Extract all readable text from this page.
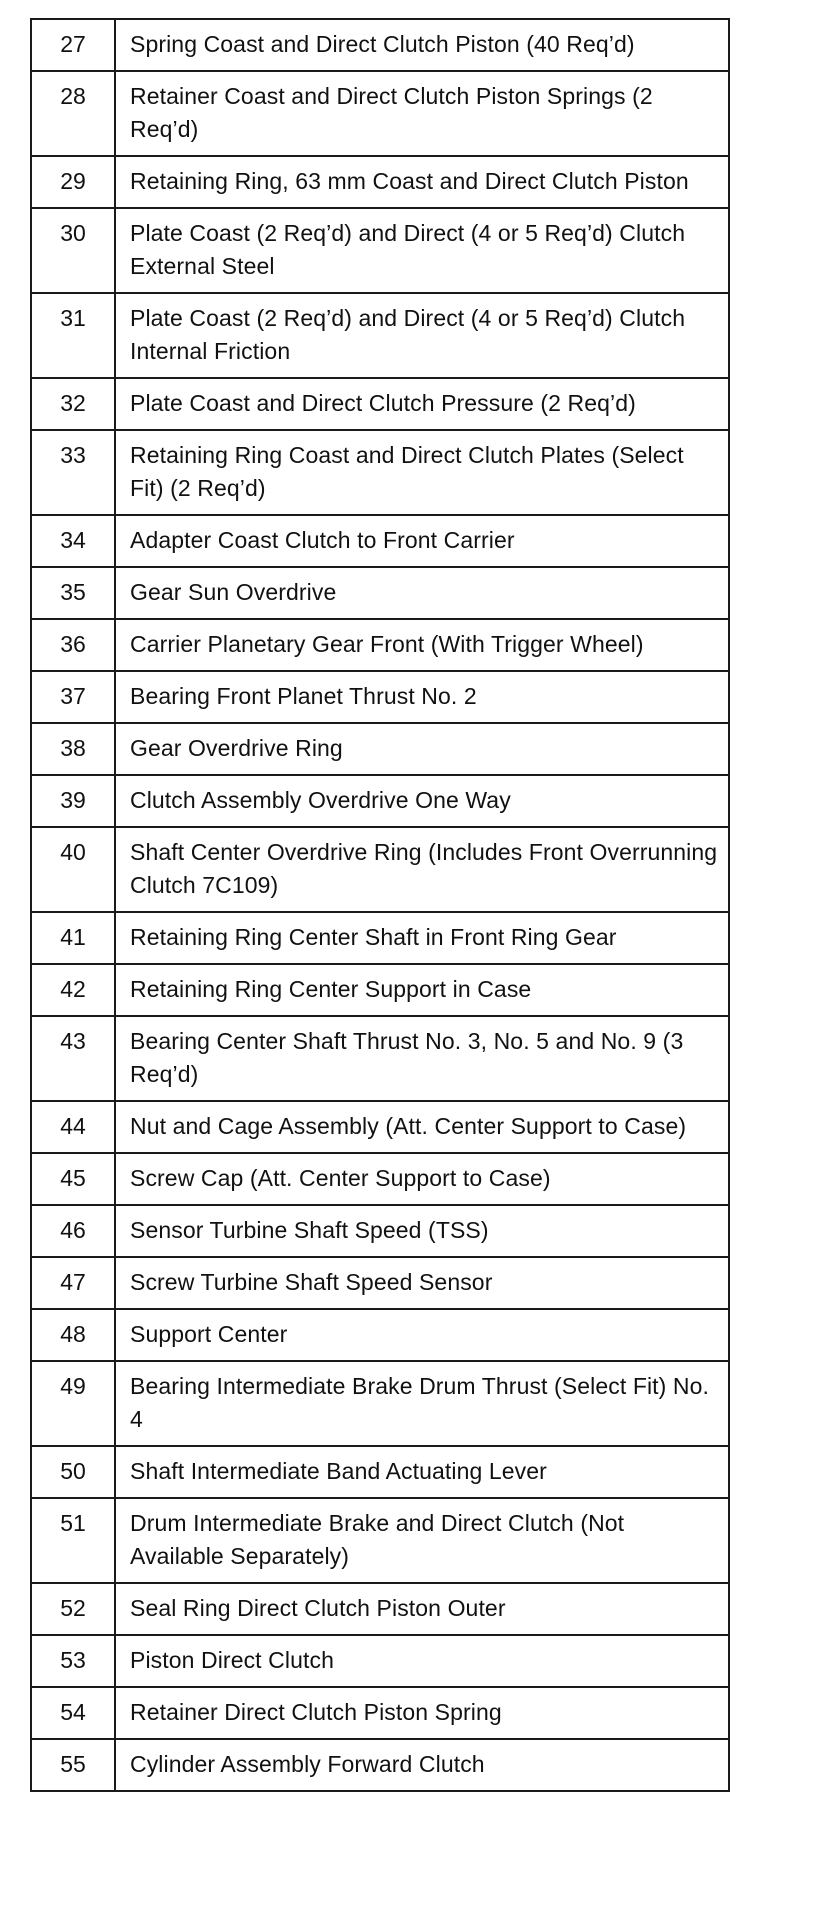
27	Spring Coast and Direct Clutch Piston (40 Req’d)
28	Retainer Coast and Direct Clutch Piston Springs (2 Req’d)
29	Retaining Ring, 63 mm Coast and Direct Clutch Piston
30	Plate Coast (2 Req’d) and Direct (4 or 5 Req’d) Clutch External Steel
31	Plate Coast (2 Req’d) and Direct (4 or 5 Req’d) Clutch Internal Friction
32	Plate Coast and Direct Clutch Pressure (2 Req’d)
33	Retaining Ring Coast and Direct Clutch Plates (Select Fit) (2 Req’d)
34	Adapter Coast Clutch to Front Carrier
35	Gear Sun Overdrive
36	Carrier Planetary Gear Front (With Trigger Wheel)
37	Bearing Front Planet Thrust No. 2
38	Gear Overdrive Ring
39	Clutch Assembly Overdrive One Way
40	Shaft Center Overdrive Ring (Includes Front Overrunning Clutch 7C109)
41	Retaining Ring Center Shaft in Front Ring Gear
42	Retaining Ring Center Support in Case
43	Bearing Center Shaft Thrust No. 3, No. 5 and No. 9 (3 Req’d)
44	Nut and Cage Assembly (Att. Center Support to Case)
45	Screw Cap (Att. Center Support to Case)
46	Sensor Turbine Shaft Speed (TSS)
47	Screw Turbine Shaft Speed Sensor
48	Support Center
49	Bearing Intermediate Brake Drum Thrust (Select Fit) No. 4
50	Shaft Intermediate Band Actuating Lever
51	Drum Intermediate Brake and Direct Clutch (Not Available Separately)
52	Seal Ring Direct Clutch Piston Outer
53	Piston Direct Clutch
54	Retainer Direct Clutch Piston Spring
55	Cylinder Assembly Forward Clutch
